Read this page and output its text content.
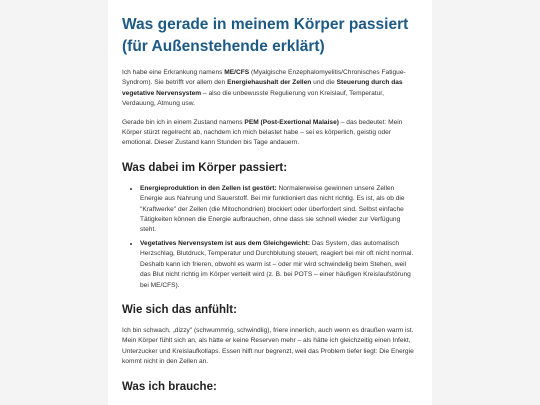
Was gerade in meinem Körper passiert (für Außenstehende erklärt)

Ich habe eine Erkrankung namens ME/CFS (Myalgische Enzephalomyelitis/Chronisches Fatigue-Syndrom). Sie betrifft vor allem den Energiehaushalt der Zellen und die Steuerung durch das vegetative Nervensystem – also die unbewusste Regulierung von Kreislauf, Temperatur, Verdauung, Atmung usw.

Gerade bin ich in einem Zustand namens PEM (Post-Exertional Malaise) – das bedeutet: Mein Körper stürzt regelrecht ab, nachdem ich mich belastet habe – sei es körperlich, geistig oder emotional. Dieser Zustand kann Stunden bis Tage andauern.

Was dabei im Körper passiert:
• Energieproduktion in den Zellen ist gestört: Normalerweise gewinnen unsere Zellen Energie aus Nahrung und Sauerstoff. Bei mir funktioniert das nicht richtig. Es ist, als ob die "Kraftwerke" der Zellen (die Mitochondrien) blockiert oder überfordert sind. Selbst einfache Tätigkeiten können die Energie aufbrauchen, ohne dass sie schnell wieder zur Verfügung steht.
• Vegetatives Nervensystem ist aus dem Gleichgewicht: Das System, das automatisch Herzschlag, Blutdruck, Temperatur und Durchblutung steuert, reagiert bei mir oft nicht normal. Deshalb kann ich frieren, obwohl es warm ist – oder mir wird schwindelig beim Stehen, weil das Blut nicht richtig im Körper verteilt wird (z. B. bei POTS – einer häufigen Kreislaufstörung bei ME/CFS).
Wie sich das anfühlt:

Ich bin schwach, „dizzy" (schwummrig, schwindlig), friere innerlich, auch wenn es draußen warm ist. Mein Körper fühlt sich an, als hätte er keine Reserven mehr – als hätte ich gleichzeitig einen Infekt, Unterzucker und Kreislaufkollaps. Essen hilft nur begrenzt, weil das Problem tiefer liegt: Die Energie kommt nicht in den Zellen an.

Was ich brauche:
